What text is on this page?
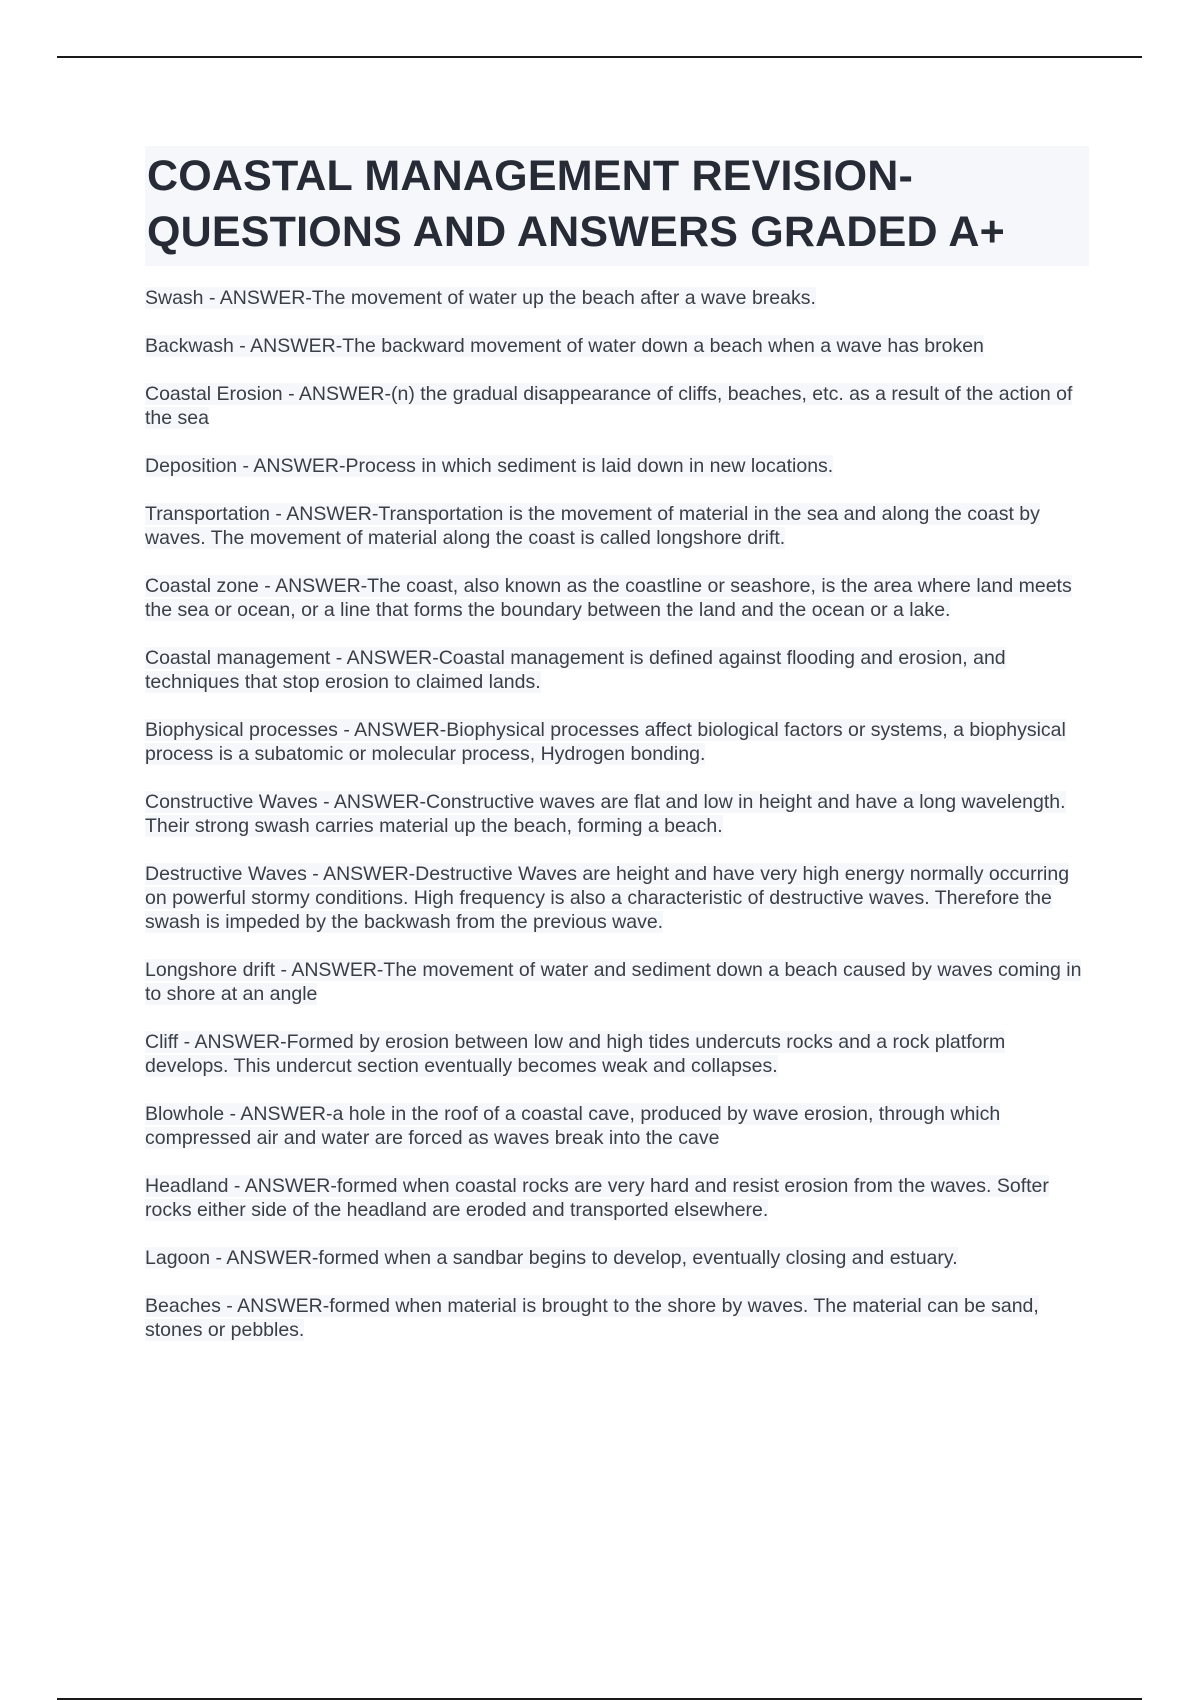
COASTAL MANAGEMENT REVISION- QUESTIONS AND ANSWERS GRADED A+
Swash - ANSWER-The movement of water up the beach after a wave breaks.
Backwash - ANSWER-The backward movement of water down a beach when a wave has broken
Coastal Erosion - ANSWER-(n) the gradual disappearance of cliffs, beaches, etc. as a result of the action of the sea
Deposition - ANSWER-Process in which sediment is laid down in new locations.
Transportation - ANSWER-Transportation is the movement of material in the sea and along the coast by waves. The movement of material along the coast is called longshore drift.
Coastal zone - ANSWER-The coast, also known as the coastline or seashore, is the area where land meets the sea or ocean, or a line that forms the boundary between the land and the ocean or a lake.
Coastal management - ANSWER-Coastal management is defined against flooding and erosion, and techniques that stop erosion to claimed lands.
Biophysical processes - ANSWER-Biophysical processes affect biological factors or systems, a biophysical process is a subatomic or molecular process, Hydrogen bonding.
Constructive Waves - ANSWER-Constructive waves are flat and low in height and have a long wavelength. Their strong swash carries material up the beach, forming a beach.
Destructive Waves - ANSWER-Destructive Waves are height and have very high energy normally occurring on powerful stormy conditions. High frequency is also a characteristic of destructive waves. Therefore the swash is impeded by the backwash from the previous wave.
Longshore drift - ANSWER-The movement of water and sediment down a beach caused by waves coming in to shore at an angle
Cliff - ANSWER-Formed by erosion between low and high tides undercuts rocks and a rock platform develops. This undercut section eventually becomes weak and collapses.
Blowhole - ANSWER-a hole in the roof of a coastal cave, produced by wave erosion, through which compressed air and water are forced as waves break into the cave
Headland - ANSWER-formed when coastal rocks are very hard and resist erosion from the waves. Softer rocks either side of the headland are eroded and transported elsewhere.
Lagoon - ANSWER-formed when a sandbar begins to develop, eventually closing and estuary.
Beaches - ANSWER-formed when material is brought to the shore by waves. The material can be sand, stones or pebbles.
